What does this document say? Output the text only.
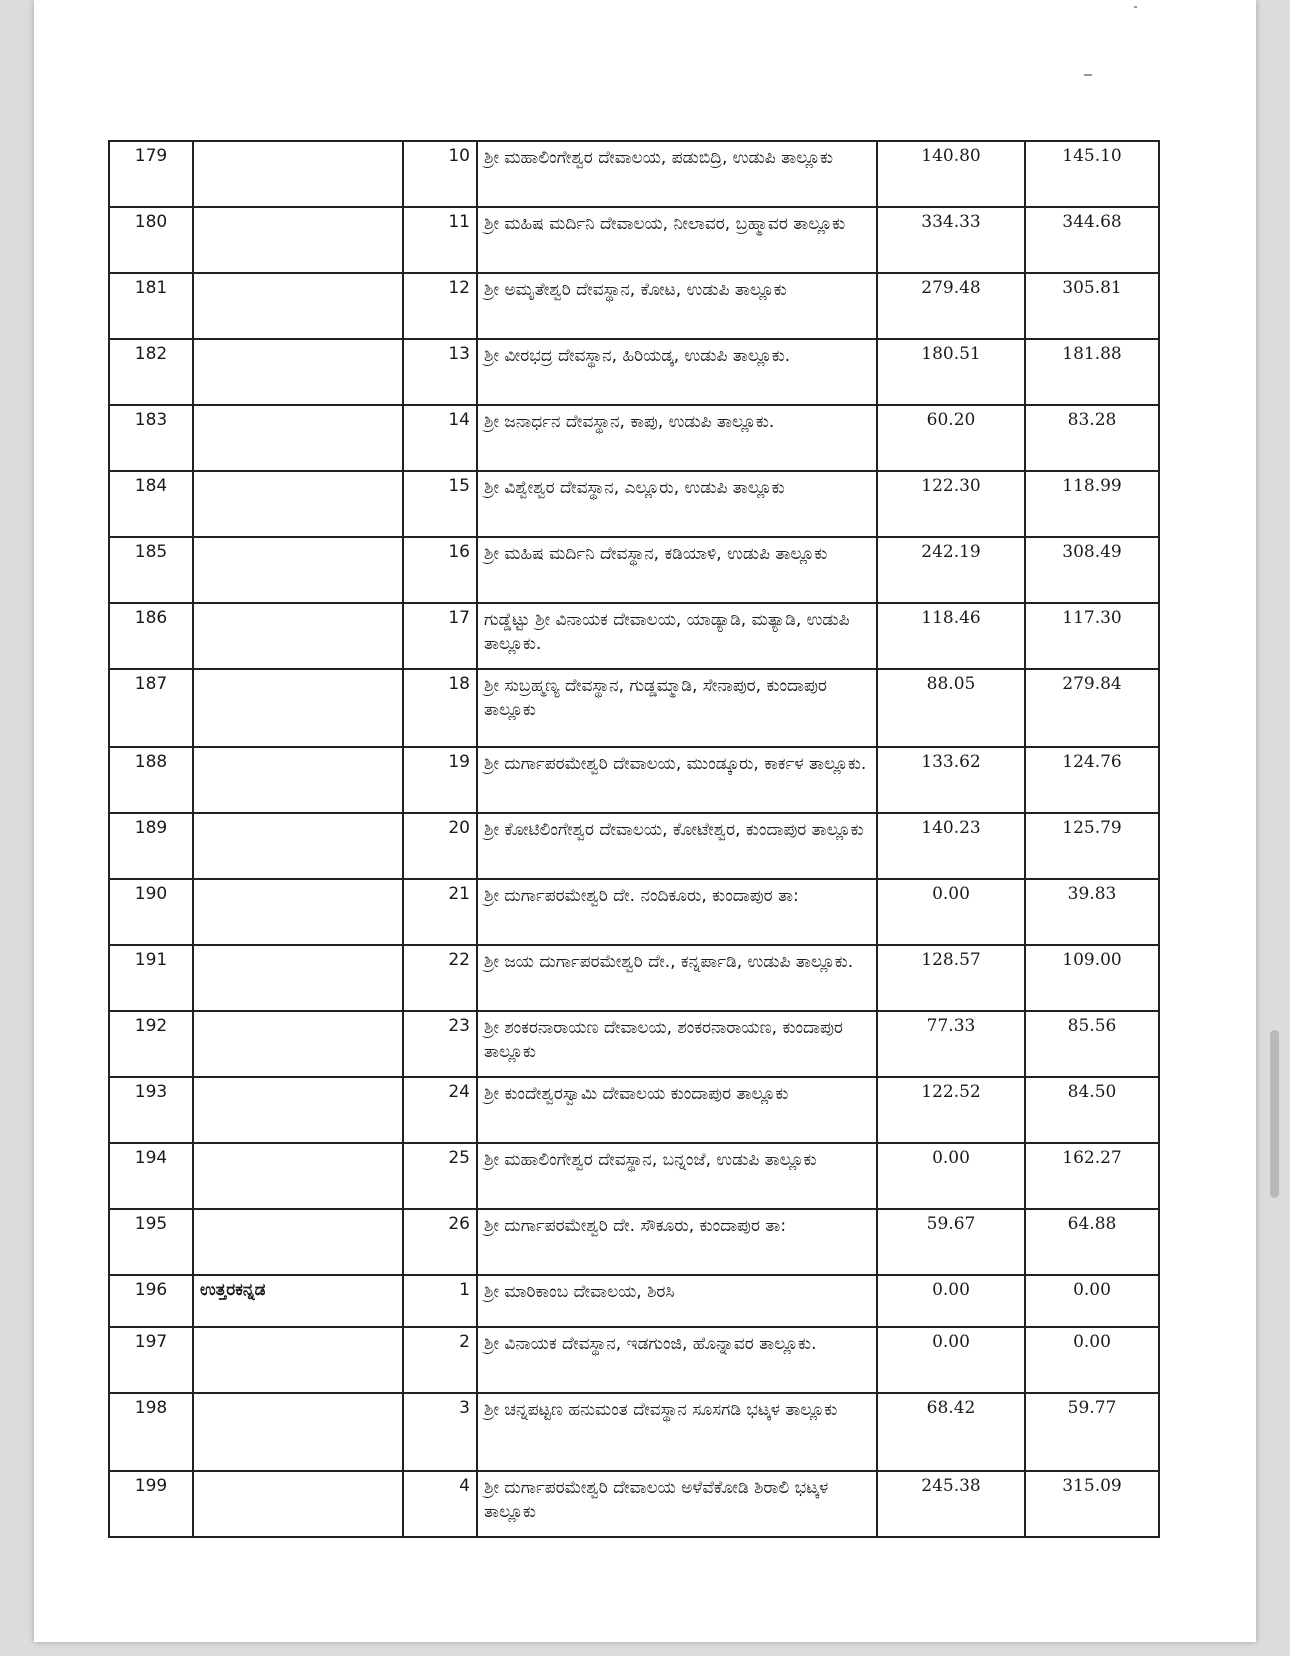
179		10	ಶ್ರೀ ಮಹಾಲಿಂಗೇಶ್ವರ ದೇವಾಲಯ, ಪಡುಬಿದ್ರಿ, ಉಡುಪಿ ತಾಲ್ಲೂಕು	140.80	145.10
180		11	ಶ್ರೀ ಮಹಿಷ ಮರ್ದಿನಿ ದೇವಾಲಯ, ನೀಲಾವರ, ಬ್ರಹ್ಮಾವರ ತಾಲ್ಲೂಕು	334.33	344.68
181		12	ಶ್ರೀ ಅಮೃತೇಶ್ವರಿ ದೇವಸ್ಥಾನ, ಕೋಟ, ಉಡುಪಿ ತಾಲ್ಲೂಕು	279.48	305.81
182		13	ಶ್ರೀ ವೀರಭದ್ರ ದೇವಸ್ಥಾನ, ಹಿರಿಯಡ್ಕ, ಉಡುಪಿ ತಾಲ್ಲೂಕು.	180.51	181.88
183		14	ಶ್ರೀ ಜನಾರ್ಧನ ದೇವಸ್ಥಾನ, ಕಾಪು, ಉಡುಪಿ ತಾಲ್ಲೂಕು.	60.20	83.28
184		15	ಶ್ರೀ ವಿಶ್ವೇಶ್ವರ ದೇವಸ್ಥಾನ, ಎಲ್ಲೂರು, ಉಡುಪಿ ತಾಲ್ಲೂಕು	122.30	118.99
185		16	ಶ್ರೀ ಮಹಿಷ ಮರ್ದಿನಿ ದೇವಸ್ಥಾನ, ಕಡಿಯಾಳಿ, ಉಡುಪಿ ತಾಲ್ಲೂಕು	242.19	308.49
186		17	ಗುಡ್ಡೆಟ್ಟು ಶ್ರೀ ವಿನಾಯಕ ದೇವಾಲಯ, ಯಾಡ್ಯಾಡಿ, ಮತ್ಯಾಡಿ, ಉಡುಪಿ ತಾಲ್ಲೂಕು.	118.46	117.30
187		18	ಶ್ರೀ ಸುಬ್ರಹ್ಮಣ್ಯ ದೇವಸ್ಥಾನ, ಗುಡ್ಡಮ್ಮಾಡಿ, ಸೇನಾಪುರ, ಕುಂದಾಪುರ ತಾಲ್ಲೂಕು	88.05	279.84
188		19	ಶ್ರೀ ದುರ್ಗಾಪರಮೇಶ್ವರಿ ದೇವಾಲಯ, ಮುಂಡ್ಕೂರು, ಕಾರ್ಕಳ ತಾಲ್ಲೂಕು.	133.62	124.76
189		20	ಶ್ರೀ ಕೋಟಿಲಿಂಗೇಶ್ವರ ದೇವಾಲಯ, ಕೋಟೇಶ್ವರ, ಕುಂದಾಪುರ ತಾಲ್ಲೂಕು	140.23	125.79
190		21	ಶ್ರೀ ದುರ್ಗಾಪರಮೇಶ್ವರಿ ದೇ. ನಂದಿಕೂರು, ಕುಂದಾಪುರ ತಾ:	0.00	39.83
191		22	ಶ್ರೀ ಜಯ ದುರ್ಗಾಪರಮೇಶ್ವರಿ ದೇ., ಕನ್ನರ್ಪಾಡಿ, ಉಡುಪಿ ತಾಲ್ಲೂಕು.	128.57	109.00
192		23	ಶ್ರೀ ಶಂಕರನಾರಾಯಣ ದೇವಾಲಯ, ಶಂಕರನಾರಾಯಣ, ಕುಂದಾಪುರ ತಾಲ್ಲೂಕು	77.33	85.56
193		24	ಶ್ರೀ ಕುಂದೇಶ್ವರಸ್ವಾಮಿ ದೇವಾಲಯ ಕುಂದಾಪುರ ತಾಲ್ಲೂಕು	122.52	84.50
194		25	ಶ್ರೀ ಮಹಾಲಿಂಗೇಶ್ವರ ದೇವಸ್ಥಾನ, ಬನ್ನಂಜೆ, ಉಡುಪಿ ತಾಲ್ಲೂಕು	0.00	162.27
195		26	ಶ್ರೀ ದುರ್ಗಾಪರಮೇಶ್ವರಿ ದೇ. ಸೌಕೂರು, ಕುಂದಾಪುರ ತಾ:	59.67	64.88
196	ಉತ್ತರಕನ್ನಡ	1	ಶ್ರೀ ಮಾರಿಕಾಂಬ ದೇವಾಲಯ, ಶಿರಸಿ	0.00	0.00
197		2	ಶ್ರೀ ವಿನಾಯಕ ದೇವಸ್ಥಾನ, ಇಡಗುಂಜಿ, ಹೊನ್ನಾವರ ತಾಲ್ಲೂಕು.	0.00	0.00
198		3	ಶ್ರೀ ಚನ್ನಪಟ್ಟಣ ಹನುಮಂತ ದೇವಸ್ಥಾನ ಸೂಸಗಡಿ ಭಟ್ಕಳ ತಾಲ್ಲೂಕು	68.42	59.77
199		4	ಶ್ರೀ ದುರ್ಗಾಪರಮೇಶ್ವರಿ ದೇವಾಲಯ ಅಳೆವೆಕೋಡಿ ಶಿರಾಲಿ ಭಟ್ಕಳ ತಾಲ್ಲೂಕು	245.38	315.09
